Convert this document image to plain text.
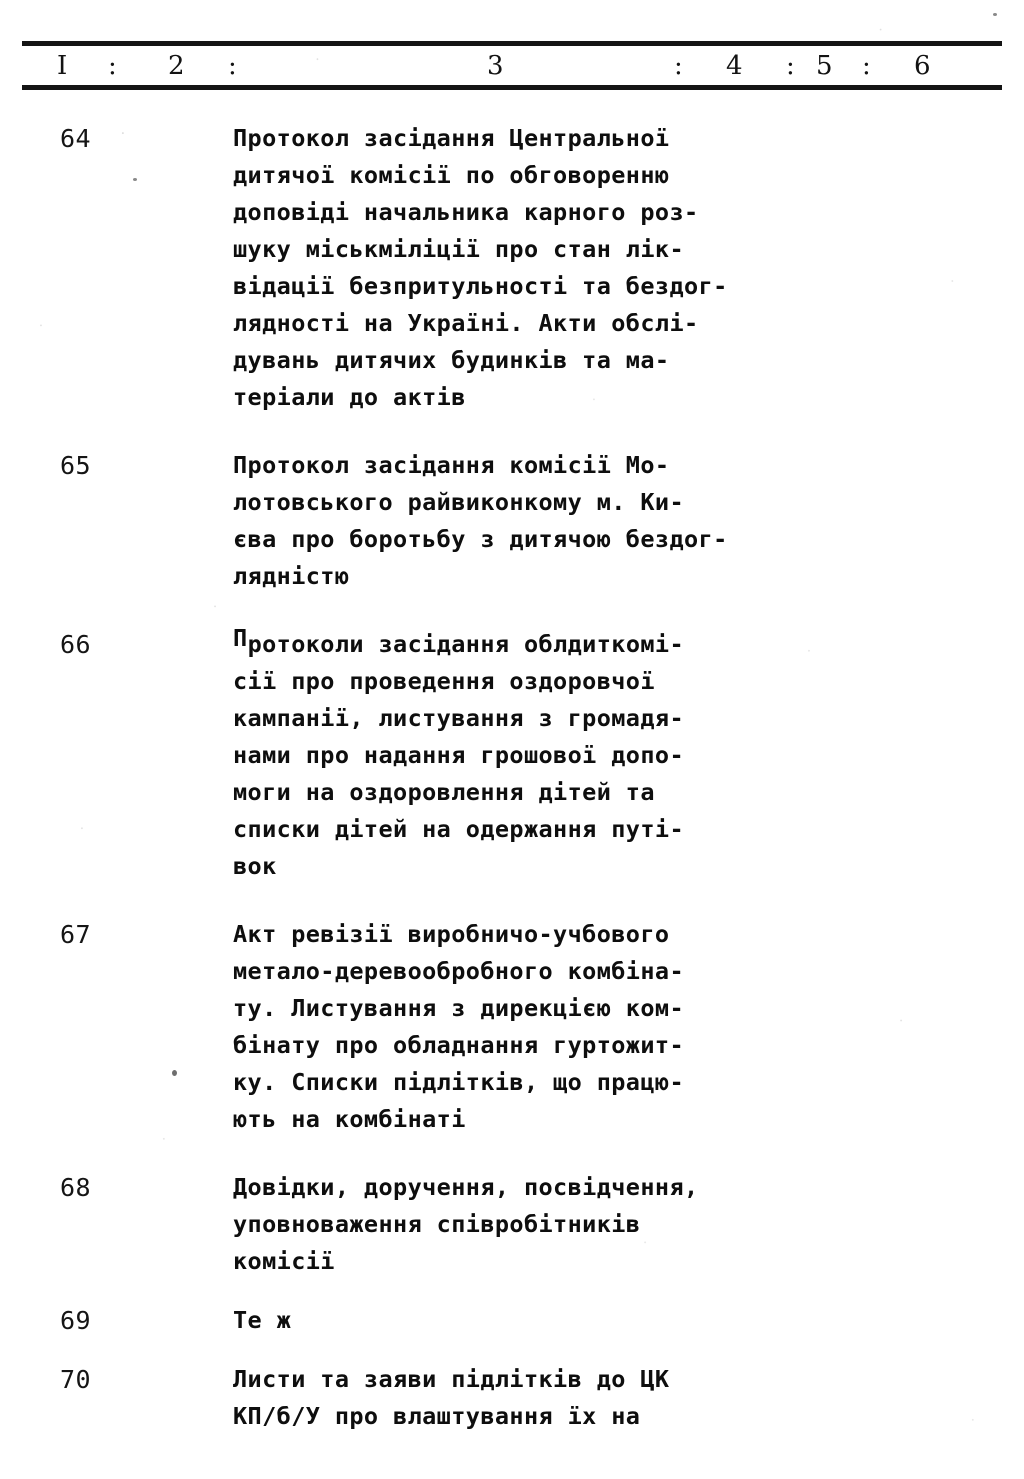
I : 2 :	3	: 4 : 5 : 6
64	Протокол засідання Центральної
дитячої комісії по обговоренню
доповіді начальника карного роз-
шуку міськміліції про стан лік-
відації безпритульності та бездог-
лядності на Україні. Акти обслі-
дувань дитячих будинків та ма-
теріали до актів
65	Протокол засідання комісії Мо-
лотовського райвиконкому м. Ки-
єва про боротьбу з дитячою бездог-
ляднiстю
66	Протоколи засідання облдиткомі-
сії про проведення оздоровчої
кампанії, листування з громадя-
нами про надання грошової допо-
моги на оздоровлення дітей та
списки дітей на одержання путі-
вок
67	Акт ревізії виробничо-учбового
метало-деревообробного комбіна-
ту. Листування з дирекцією ком-
бінату про обладнання гуртожит-
ку. Списки підлітків, що працю-
ють на комбінаті
68	Довідки, доручення, посвідчення,
уповноваження співробітників
комісії
69	Те ж
70	Листи та заяви підлітків до ЦК
КП/б/У про влаштування їх на
